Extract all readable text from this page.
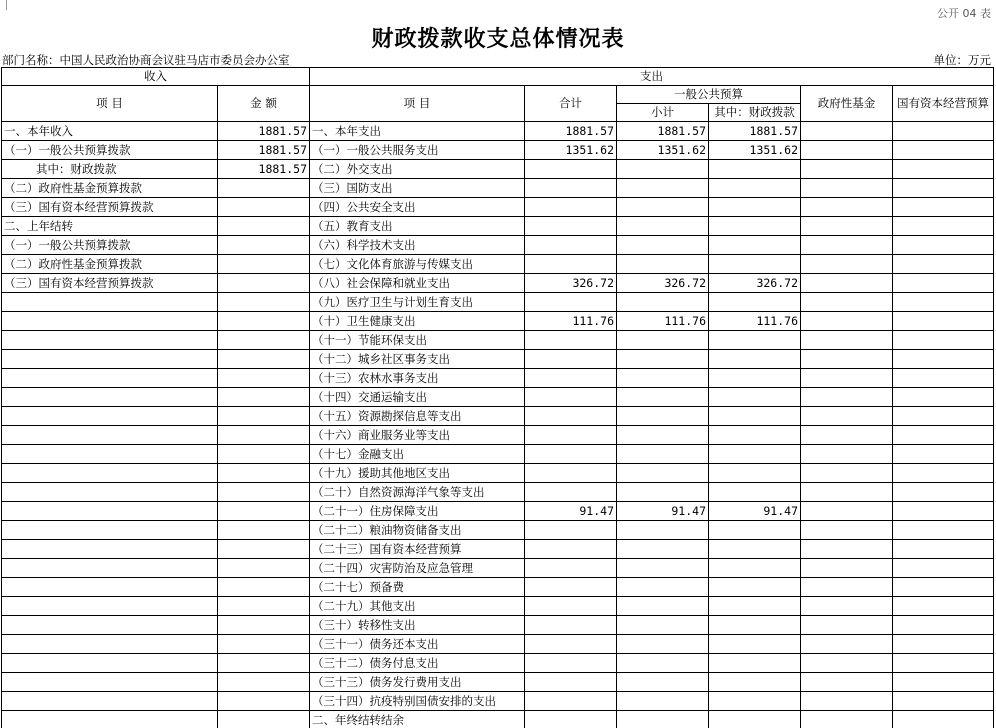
公开 04 表
财政拨款收支总体情况表
部门名称：中国人民政治协商会议驻马店市委员会办公室	单位：万元
收入		支出					
项 目	金 额	项 目	合计	一般公共预算		政府性基金	国有资本经营预算
				小计	其中：财政拨款		
一、本年收入	1881.57	一、本年支出	1881.57	1881.57	1881.57		
（一）一般公共预算拨款	1881.57	（一）一般公共服务支出	1351.62	1351.62	1351.62		
其中：财政拨款	1881.57	（二）外交支出					
（二）政府性基金预算拨款		（三）国防支出					
（三）国有资本经营预算拨款		（四）公共安全支出					
二、上年结转		（五）教育支出					
（一）一般公共预算拨款		（六）科学技术支出					
（二）政府性基金预算拨款		（七）文化体育旅游与传媒支出					
（三）国有资本经营预算拨款		（八）社会保障和就业支出	326.72	326.72	326.72		
		（九）医疗卫生与计划生育支出					
		（十）卫生健康支出	111.76	111.76	111.76		
		（十一）节能环保支出					
		（十二）城乡社区事务支出					
		（十三）农林水事务支出					
		（十四）交通运输支出					
		（十五）资源勘探信息等支出					
		（十六）商业服务业等支出					
		（十七）金融支出					
		（十九）援助其他地区支出					
		（二十）自然资源海洋气象等支出					
		（二十一）住房保障支出	91.47	91.47	91.47		
		（二十二）粮油物资储备支出					
		（二十三）国有资本经营预算					
		（二十四）灾害防治及应急管理					
		（二十七）预备费					
		（二十九）其他支出					
		（三十）转移性支出					
		（三十一）债务还本支出					
		（三十二）债务付息支出					
		（三十三）债务发行费用支出					
		（三十四）抗疫特别国债安排的支出					
		二、年终结转结余					
